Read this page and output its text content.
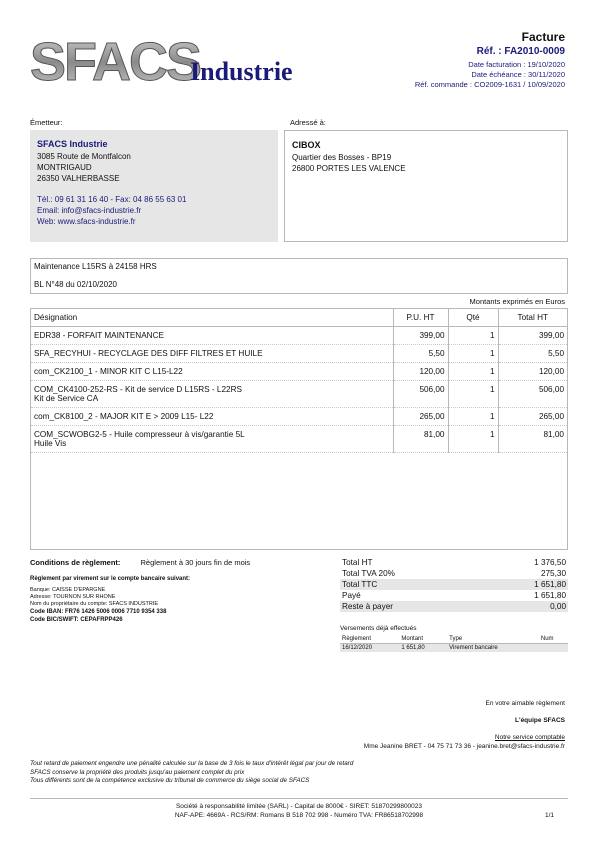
SFACS
Industrie
Facture
Réf. : FA2010-0009
Date facturation : 19/10/2020
Date échéance : 30/11/2020
Réf. commande : CO2009-1631 / 10/09/2020
Émetteur:
SFACS Industrie
3085 Route de Montfalcon
MONTRIGAUD
26350 VALHERBASSE
Tél.: 09 61 31 16 40 - Fax: 04 86 55 63 01
Email: info@sfacs-industrie.fr
Web: www.sfacs-industrie.fr
Adressé à:
CIBOX
Quartier des Bosses - BP19
26800 PORTES LES VALENCE
Maintenance L15RS à 24158 HRS
BL N°48 du 02/10/2020
Montants exprimés en Euros
Désignation	P.U. HT	Qté	Total HT

EDR38 - FORFAIT MAINTENANCE	399,00	1	399,00

SFA_RECYHUI - RECYCLAGE DES DIFF FILTRES ET HUILE	5,50	1	5,50

com_CK2100_1 - MINOR KIT C L15-L22	120,00	1	120,00

COM_CK4100-252-RS - Kit de service D L15RS - L22RS
Kit de Service CA	506,00	1	506,00

com_CK8100_2 - MAJOR KIT E > 2009 L15- L22	265,00	1	265,00

COM_SCWOBG2-5 - Huile compresseur à vis/garantie 5L
Huile Vis	81,00	1	81,00
Conditions de règlement:	Règlement à 30 jours fin de mois
Règlement par virement sur le compte bancaire suivant:
Banque: CAISSE D'EPARGNE
Adresse: TOURNON SUR RHONE
Nom du propriétaire du compte: SFACS INDUSTRIE
Code IBAN: FR76 1426 5006 0006 7710 9354 338
Code BIC/SWIFT: CEPAFRPP426
Total HT	1 376,50
Total TVA 20%	275,30
Total TTC	1 651,80
Payé	1 651,80
Reste à payer	0,00
Versements déjà effectués
Règlement	Montant	Type	Num
16/12/2020	1 651,80	Virement bancaire	
En votre aimable règlement
L'équipe SFACS
Notre service comptable
Mme Jeanine BRET - 04 75 71 73 36 - jeanine.bret@sfacs-industrie.fr
Tout retard de paiement engendre une pénalité calculée sur la base de 3 fois le taux d'intérêt légal par jour de retard
SFACS conserve la propriété des produits jusqu'au paiement complet du prix
Tous différents sont de la compétence exclusive du tribunal de commerce du siège social de SFACS
Société à responsabilité limitée (SARL) - Capital de 8000€ - SIRET: 51870299800023
NAF-APE: 4669A - RCS/RM: Romans B 518 702 998 - Numéro TVA: FR86518702998	1/1
